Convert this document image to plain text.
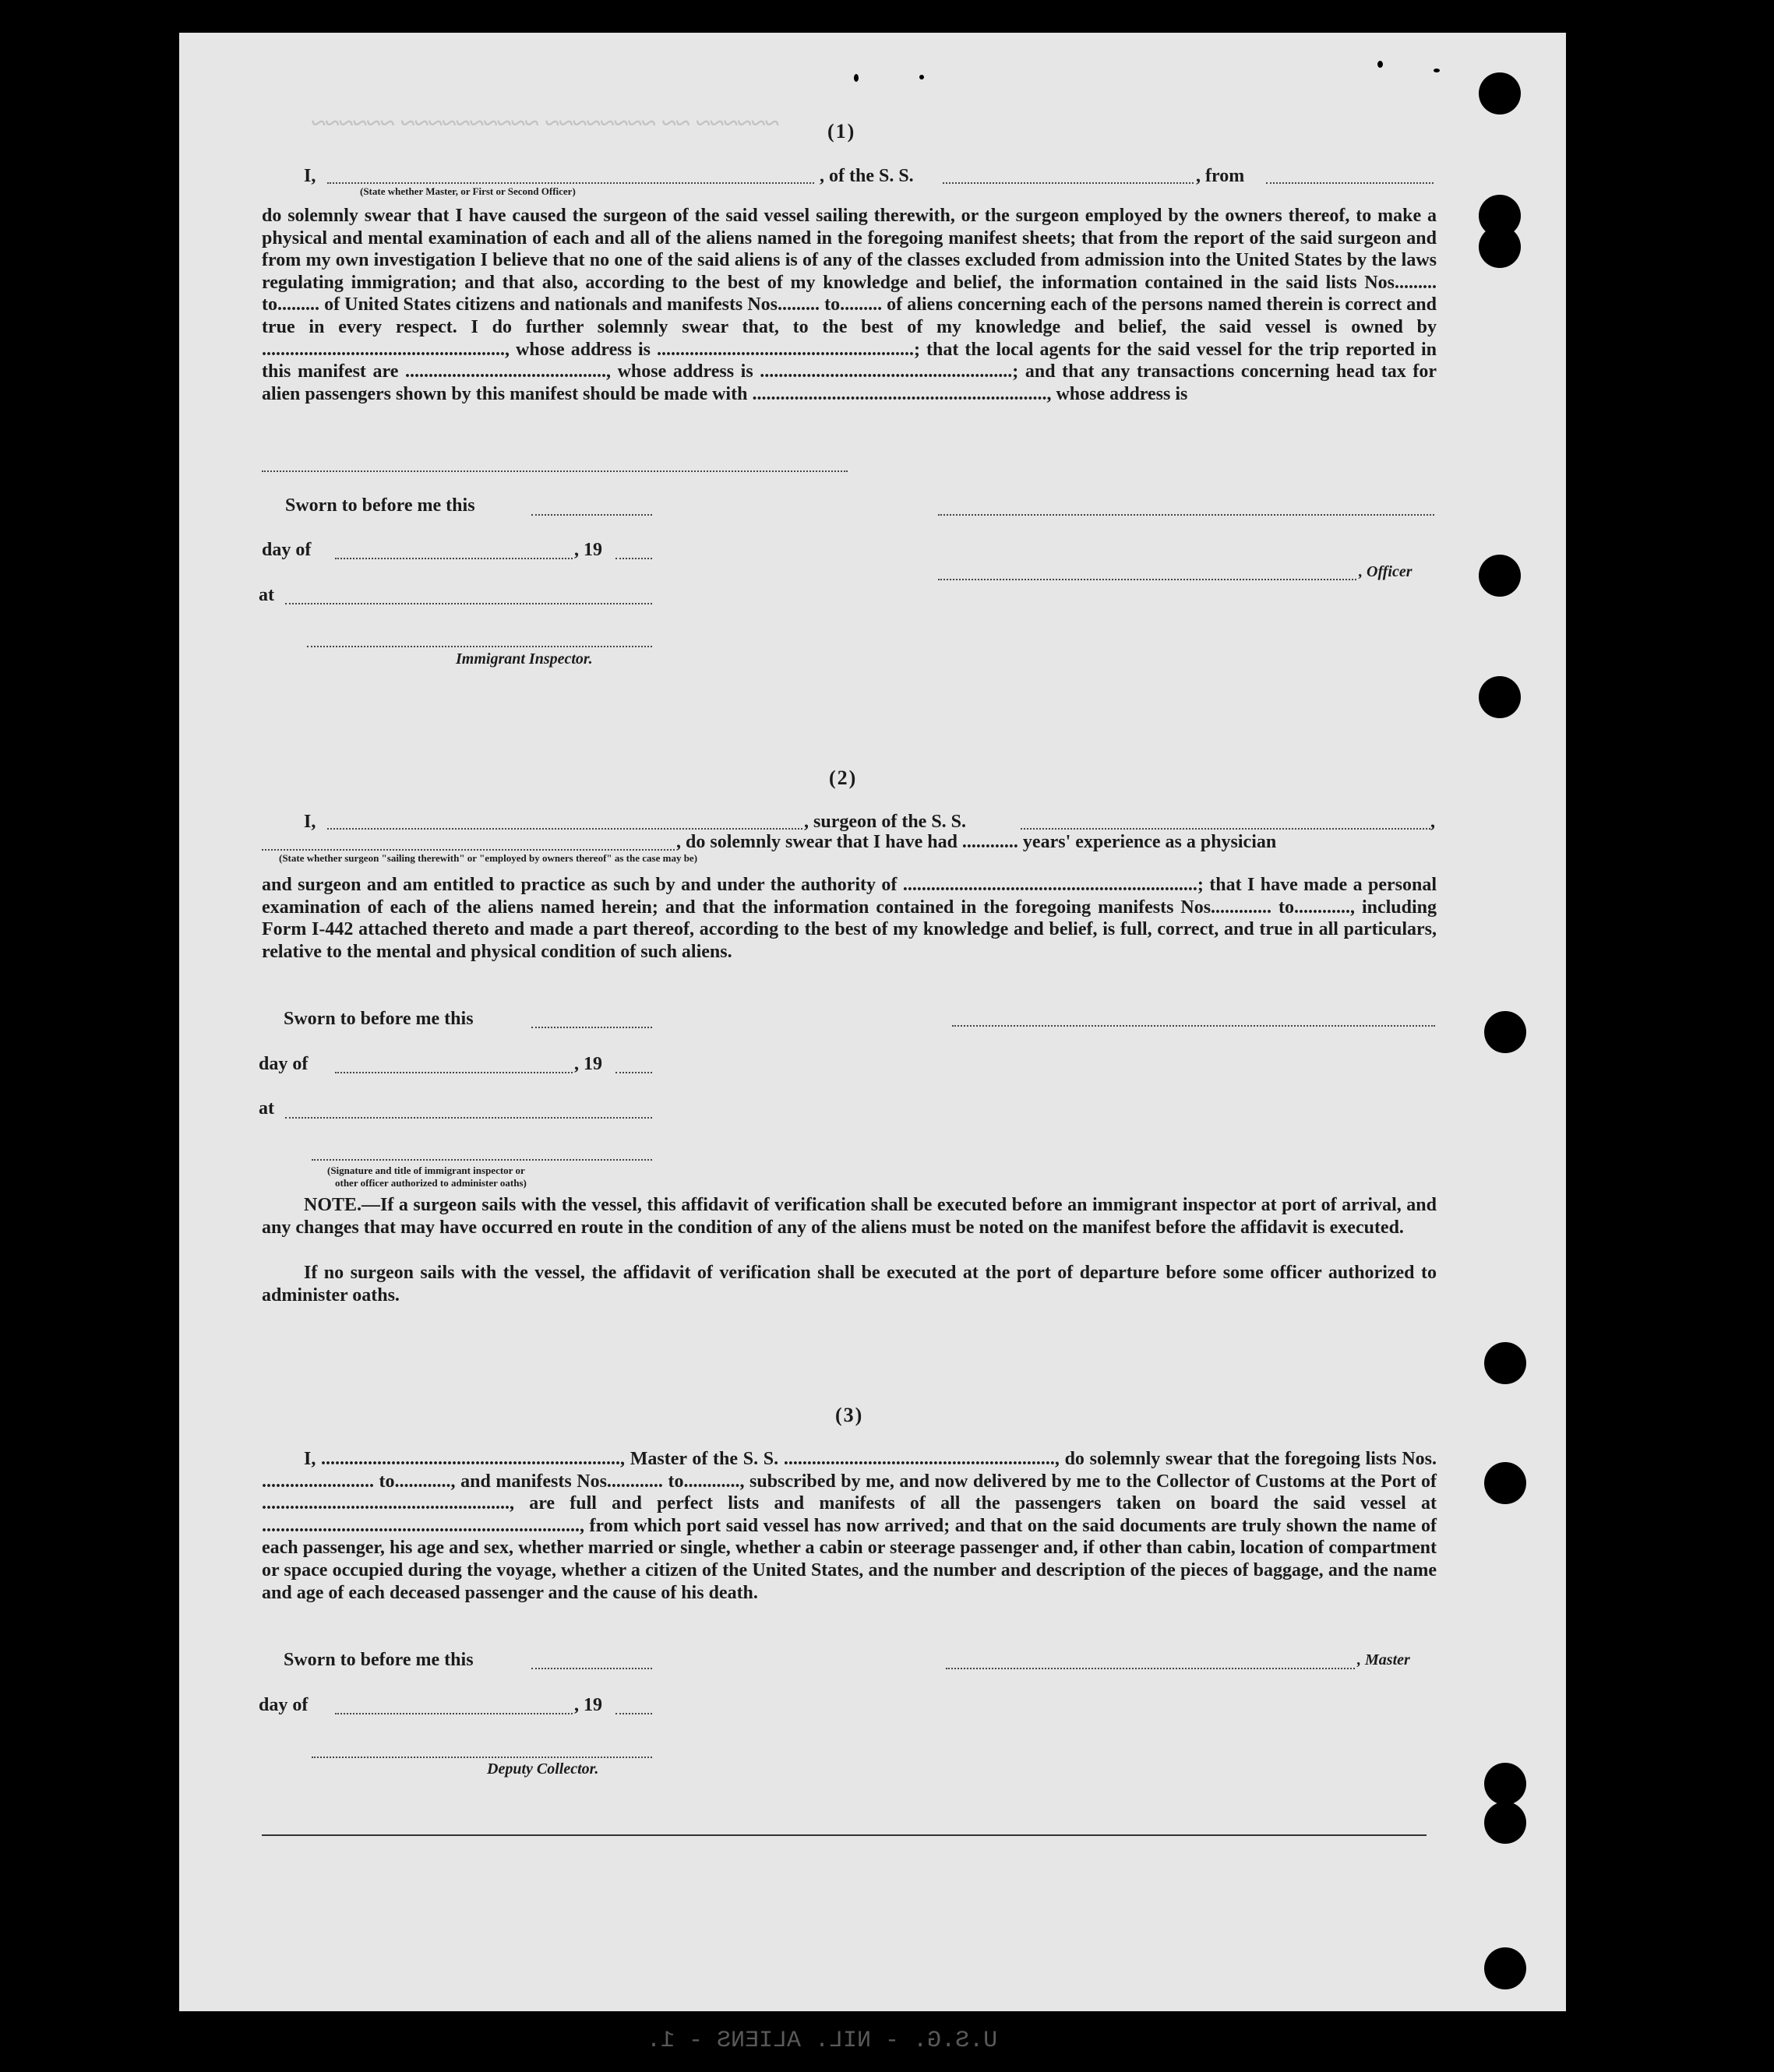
~~~~~~ ~~ ~~~~~~~~ ~~~~~~~~~~ ~~~~~~ (1)
I,	, of the S. S.	, from
(State whether Master, or First or Second Officer)
do solemnly swear that I have caused the surgeon of the said vessel sailing therewith, or the surgeon employed by the owners thereof, to make a physical and mental examination of each and all of the aliens named in the foregoing manifest sheets; that from the report of the said surgeon and from my own investigation I believe that no one of the said aliens is of any of the classes excluded from admission into the United States by the laws regulating immigration; and that also, according to the best of my knowledge and belief, the information contained in the said lists Nos......... to......... of United States citizens and nationals and manifests Nos......... to......... of aliens concerning each of the persons named therein is correct and true in every respect. I do further solemnly swear that, to the best of my knowledge and belief, the said vessel is owned by ...................................................., whose address is .......................................................; that the local agents for the said vessel for the trip reported in this manifest are ..........................................., whose address is ......................................................; and that any transactions concerning head tax for alien passengers shown by this manifest should be made with ..............................................................., whose address is
Sworn to before me this
day of	, 19
, Officer
at
Immigrant Inspector.
(2)
I,	, surgeon of the S. S.	,
, do solemnly swear that I have had ............ years' experience as a physician
(State whether surgeon "sailing therewith" or "employed by owners thereof" as the case may be)
and surgeon and am entitled to practice as such by and under the authority of ...............................................................; that I have made a personal examination of each of the aliens named herein; and that the information contained in the foregoing manifests Nos............. to............, including Form I-442 attached thereto and made a part thereof, according to the best of my knowledge and belief, is full, correct, and true in all particulars, relative to the mental and physical condition of such aliens.
Sworn to before me this
day of	, 19
at
(Signature and title of immigrant inspector or
other officer authorized to administer oaths)
NOTE.—If a surgeon sails with the vessel, this affidavit of verification shall be executed before an immigrant inspector at port of arrival, and any changes that may have occurred en route in the condition of any of the aliens must be noted on the manifest before the affidavit is executed.
If no surgeon sails with the vessel, the affidavit of verification shall be executed at the port of departure before some officer authorized to administer oaths.
(3)
I, ................................................................, Master of the S. S. .........................................................., do solemnly swear that the foregoing lists Nos. ........................ to............, and manifests Nos............ to............, subscribed by me, and now delivered by me to the Collector of Customs at the Port of ....................................................., are full and perfect lists and manifests of all the passengers taken on board the said vessel at ...................................................................., from which port said vessel has now arrived; and that on the said documents are truly shown the name of each passenger, his age and sex, whether married or single, whether a cabin or steerage passenger and, if other than cabin, location of compartment or space occupied during the voyage, whether a citizen of the United States, and the number and description of the pieces of baggage, and the name and age of each deceased passenger and the cause of his death.
Sworn to before me this	, Master
day of	, 19
Deputy Collector.
U.S.G. - NIL. ALIENS - 1.
